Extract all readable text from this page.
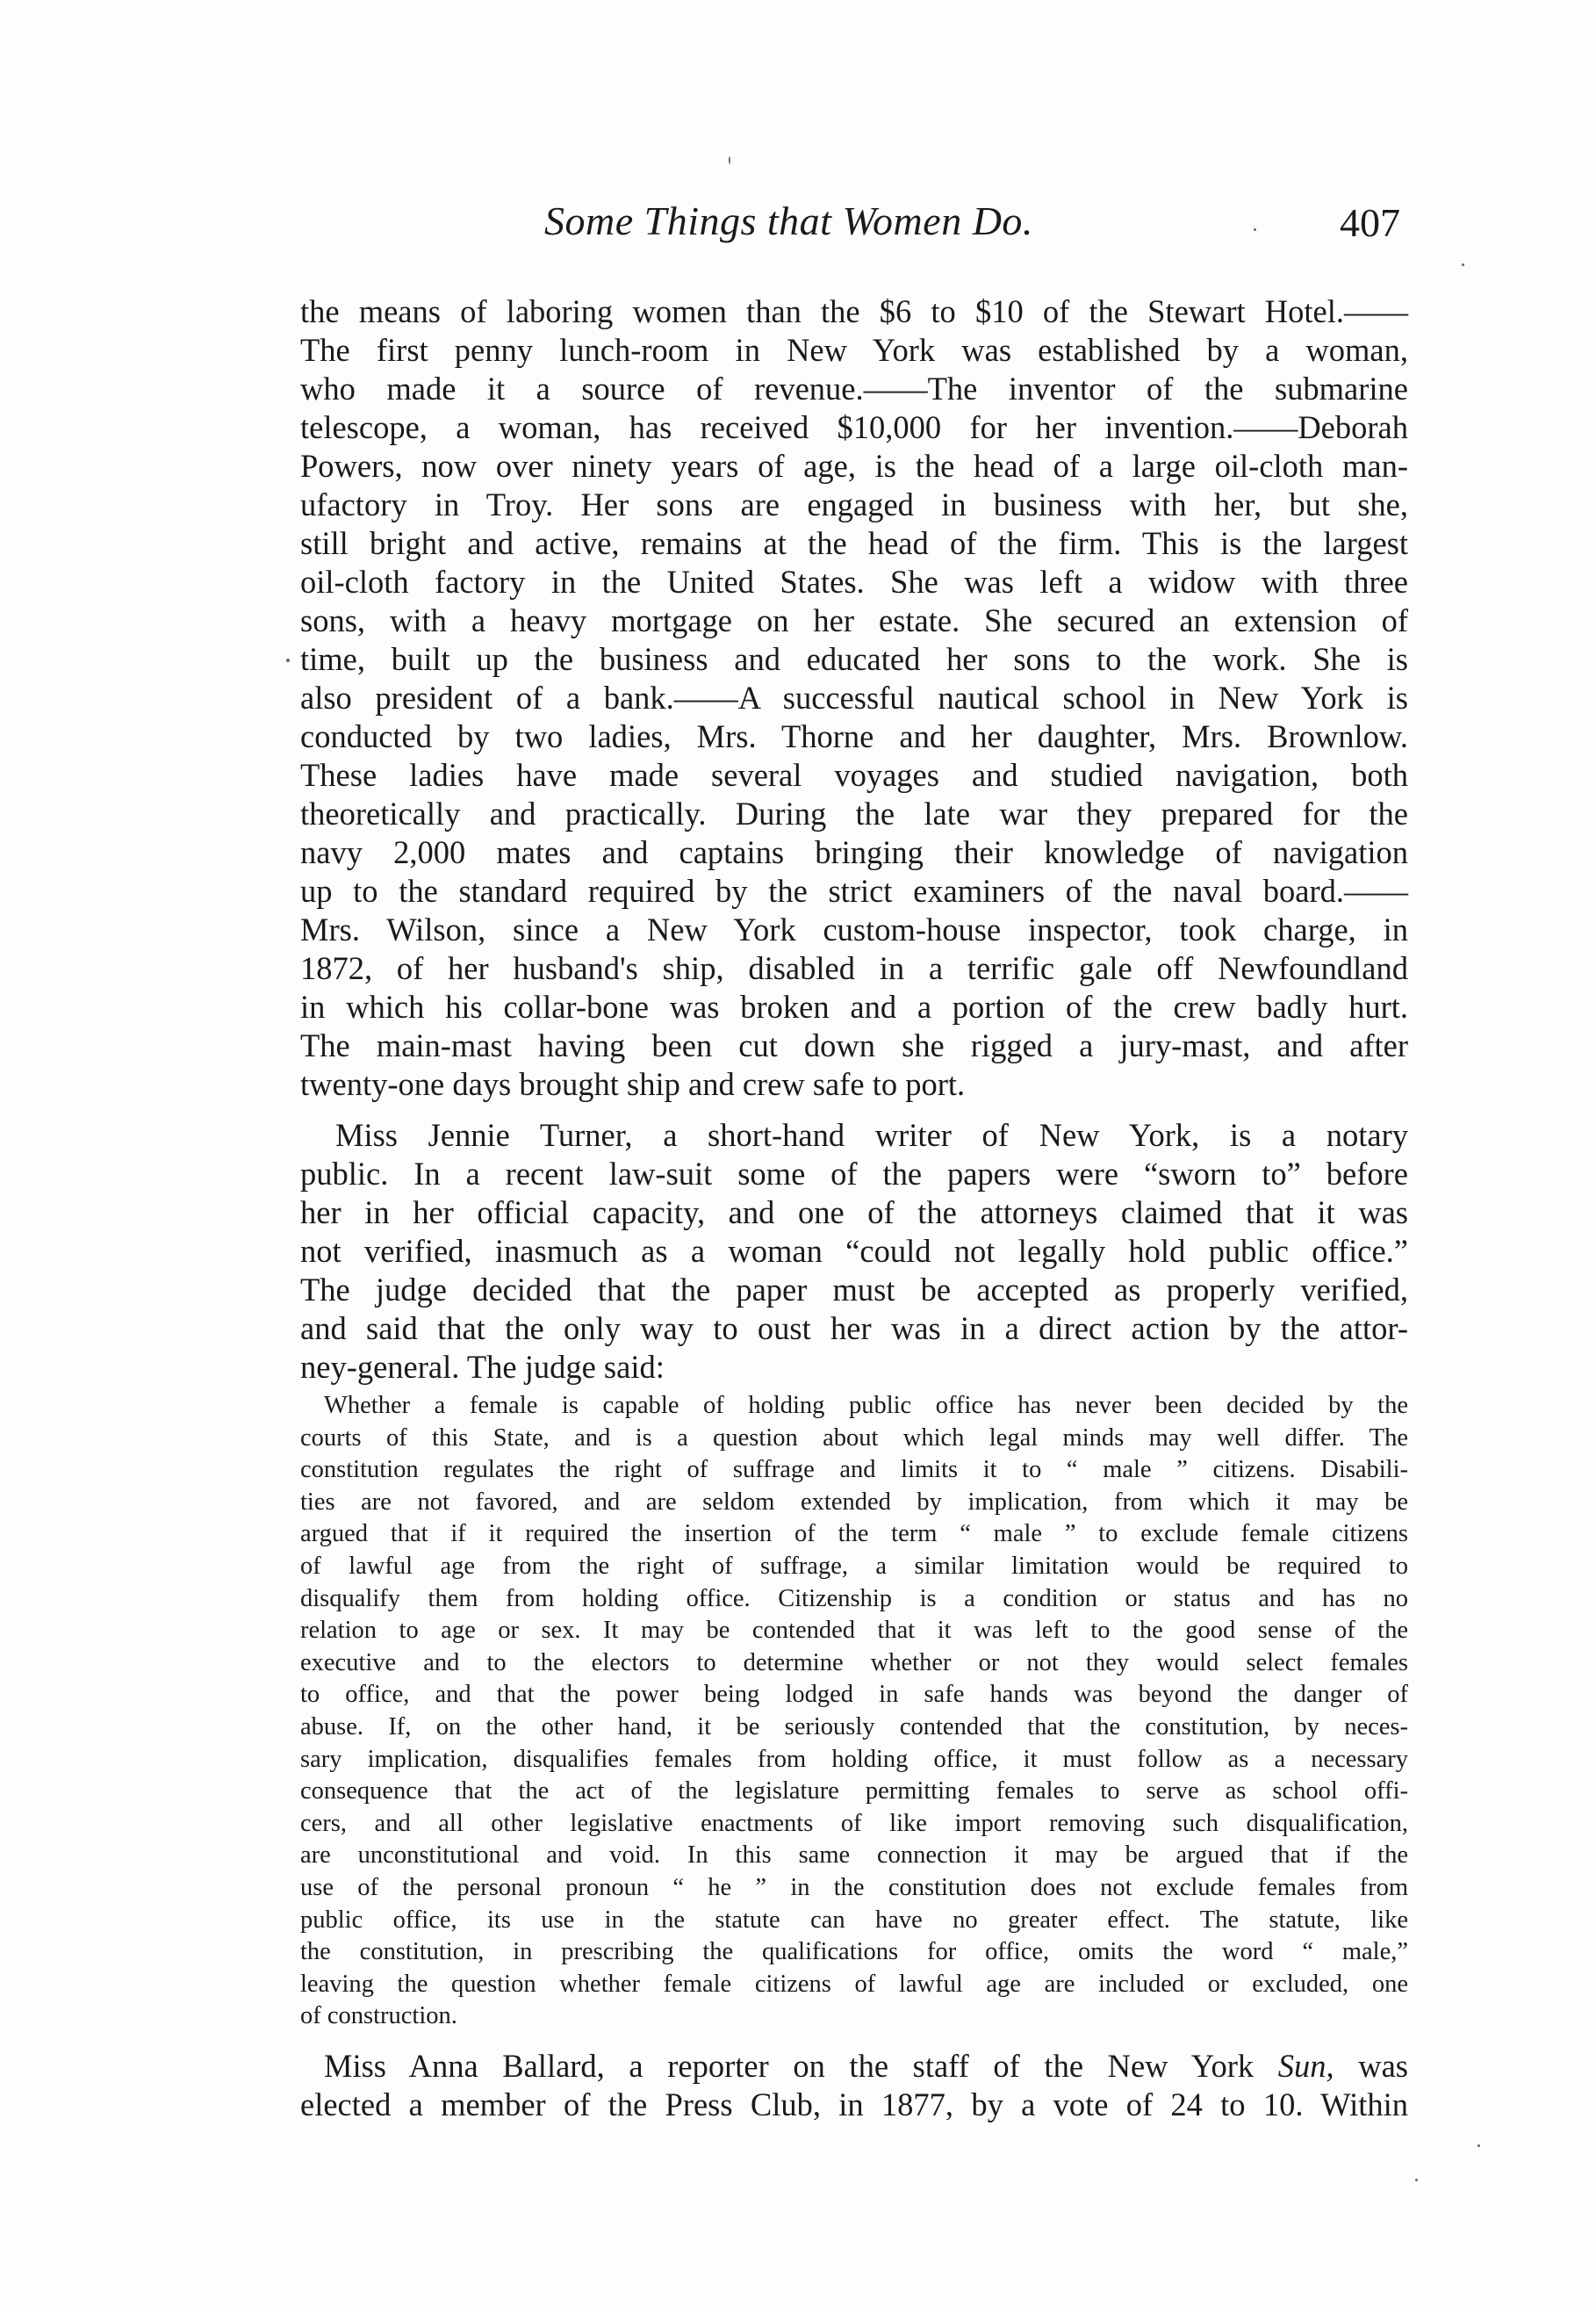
Some Things that Women Do.	407
the means of laboring women than the $6 to $10 of the Stewart Hotel.——
The first penny lunch-room in New York was established by a woman,
who made it a source of revenue.——The inventor of the submarine
telescope, a woman, has received $10,000 for her invention.——Deborah
Powers, now over ninety years of age, is the head of a large oil-cloth man-
ufactory in Troy. Her sons are engaged in business with her, but she,
still bright and active, remains at the head of the firm. This is the largest
oil-cloth factory in the United States. She was left a widow with three
sons, with a heavy mortgage on her estate. She secured an extension of
time, built up the business and educated her sons to the work. She is
also president of a bank.——A successful nautical school in New York is
conducted by two ladies, Mrs. Thorne and her daughter, Mrs. Brownlow.
These ladies have made several voyages and studied navigation, both
theoretically and practically. During the late war they prepared for the
navy 2,000 mates and captains bringing their knowledge of navigation
up to the standard required by the strict examiners of the naval board.——
Mrs. Wilson, since a New York custom-house inspector, took charge, in
1872, of her husband's ship, disabled in a terrific gale off Newfoundland
in which his collar-bone was broken and a portion of the crew badly hurt.
The main-mast having been cut down she rigged a jury-mast, and after
twenty-one days brought ship and crew safe to port.
Miss Jennie Turner, a short-hand writer of New York, is a notary
public. In a recent law-suit some of the papers were “sworn to” before
her in her official capacity, and one of the attorneys claimed that it was
not verified, inasmuch as a woman “could not legally hold public office.”
The judge decided that the paper must be accepted as properly verified,
and said that the only way to oust her was in a direct action by the attor-
ney-general. The judge said:
Whether a female is capable of holding public office has never been decided by the
courts of this State, and is a question about which legal minds may well differ. The
constitution regulates the right of suffrage and limits it to “ male ” citizens. Disabili-
ties are not favored, and are seldom extended by implication, from which it may be
argued that if it required the insertion of the term “ male ” to exclude female citizens
of lawful age from the right of suffrage, a similar limitation would be required to
disqualify them from holding office. Citizenship is a condition or status and has no
relation to age or sex. It may be contended that it was left to the good sense of the
executive and to the electors to determine whether or not they would select females
to office, and that the power being lodged in safe hands was beyond the danger of
abuse. If, on the other hand, it be seriously contended that the constitution, by neces-
sary implication, disqualifies females from holding office, it must follow as a necessary
consequence that the act of the legislature permitting females to serve as school offi-
cers, and all other legislative enactments of like import removing such disqualification,
are unconstitutional and void. In this same connection it may be argued that if the
use of the personal pronoun “ he ” in the constitution does not exclude females from
public office, its use in the statute can have no greater effect. The statute, like
the constitution, in prescribing the qualifications for office, omits the word “ male,”
leaving the question whether female citizens of lawful age are included or excluded, one
of construction.
Miss Anna Ballard, a reporter on the staff of the New York Sun, was
elected a member of the Press Club, in 1877, by a vote of 24 to 10. Within
